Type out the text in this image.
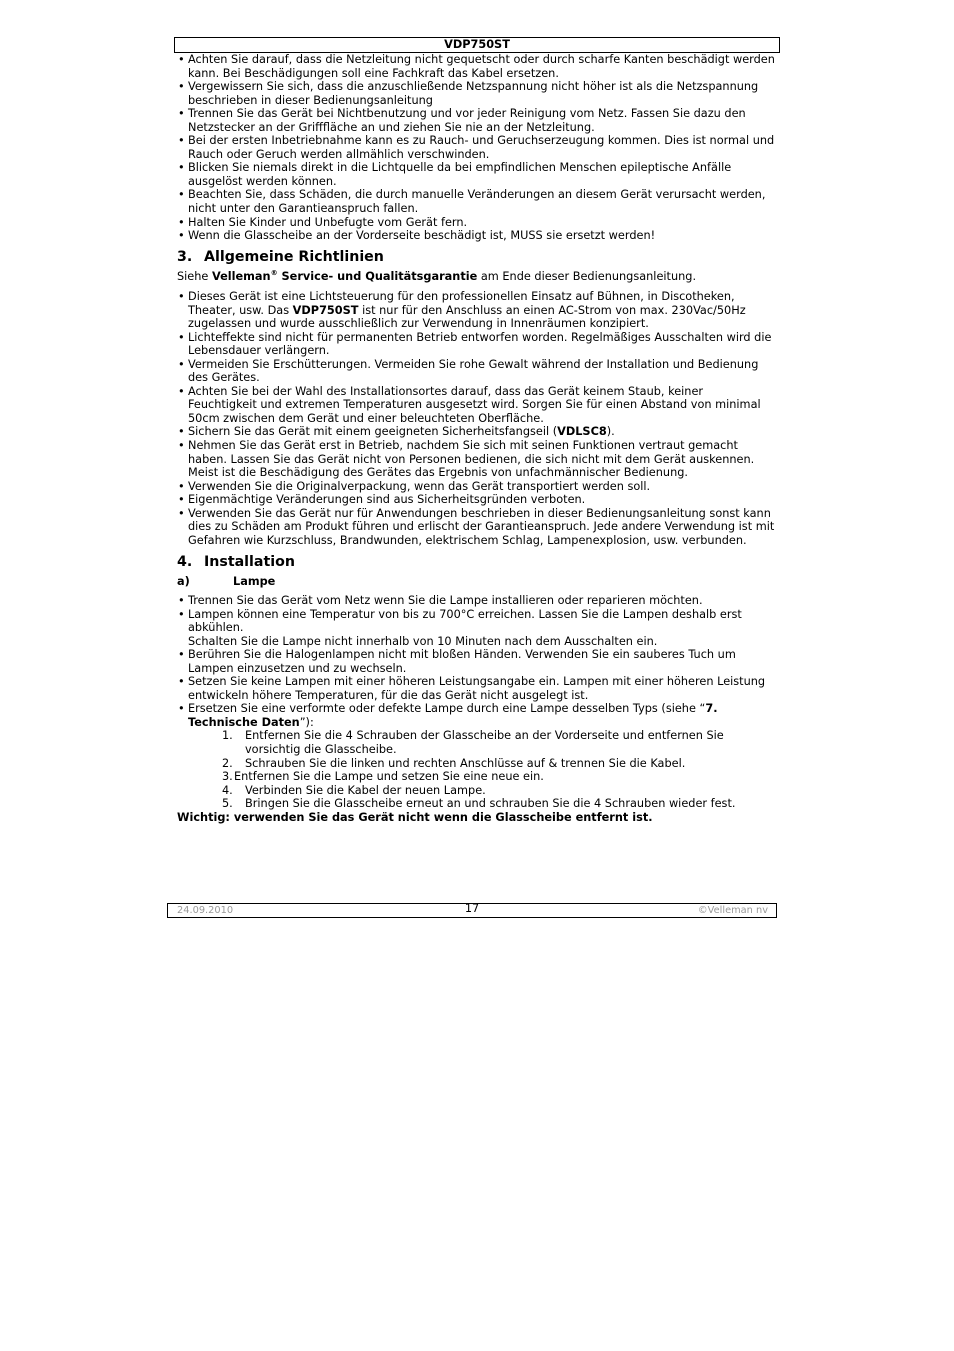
VDP750ST
•
Achten Sie darauf, dass die Netzleitung nicht gequetscht oder durch scharfe Kanten beschädigt werden
kann. Bei Beschädigungen soll eine Fachkraft das Kabel ersetzen.
•
Vergewissern Sie sich, dass die anzuschließende Netzspannung nicht höher ist als die Netzspannung
beschrieben in dieser Bedienungsanleitung
•
Trennen Sie das Gerät bei Nichtbenutzung und vor jeder Reinigung vom Netz. Fassen Sie dazu den
Netzstecker an der Grifffläche an und ziehen Sie nie an der Netzleitung.
•
Bei der ersten Inbetriebnahme kann es zu Rauch- und Geruchserzeugung kommen. Dies ist normal und
Rauch oder Geruch werden allmählich verschwinden.
•
Blicken Sie niemals direkt in die Lichtquelle da bei empfindlichen Menschen epileptische Anfälle
ausgelöst werden können.
•
Beachten Sie, dass Schäden, die durch manuelle Veränderungen an diesem Gerät verursacht werden,
nicht unter den Garantieanspruch fallen.
•
Halten Sie Kinder und Unbefugte vom Gerät fern.
•
Wenn die Glasscheibe an der Vorderseite beschädigt ist, MUSS sie ersetzt werden!
3. Allgemeine Richtlinien
Siehe Velleman® Service- und Qualitätsgarantie am Ende dieser Bedienungsanleitung.
•
Dieses Gerät ist eine Lichtsteuerung für den professionellen Einsatz auf Bühnen, in Discotheken,
Theater, usw. Das VDP750ST ist nur für den Anschluss an einen AC-Strom von max. 230Vac/50Hz
zugelassen und wurde ausschließlich zur Verwendung in Innenräumen konzipiert.
•
Lichteffekte sind nicht für permanenten Betrieb entworfen worden. Regelmäßiges Ausschalten wird die
Lebensdauer verlängern.
•
Vermeiden Sie Erschütterungen. Vermeiden Sie rohe Gewalt während der Installation und Bedienung
des Gerätes.
•
Achten Sie bei der Wahl des Installationsortes darauf, dass das Gerät keinem Staub, keiner
Feuchtigkeit und extremen Temperaturen ausgesetzt wird. Sorgen Sie für einen Abstand von minimal
50cm zwischen dem Gerät und einer beleuchteten Oberfläche.
•
Sichern Sie das Gerät mit einem geeigneten Sicherheitsfangseil (VDLSC8).
•
Nehmen Sie das Gerät erst in Betrieb, nachdem Sie sich mit seinen Funktionen vertraut gemacht
haben. Lassen Sie das Gerät nicht von Personen bedienen, die sich nicht mit dem Gerät auskennen.
Meist ist die Beschädigung des Gerätes das Ergebnis von unfachmännischer Bedienung.
•
Verwenden Sie die Originalverpackung, wenn das Gerät transportiert werden soll.
•
Eigenmächtige Veränderungen sind aus Sicherheitsgründen verboten.
•
Verwenden Sie das Gerät nur für Anwendungen beschrieben in dieser Bedienungsanleitung sonst kann
dies zu Schäden am Produkt führen und erlischt der Garantieanspruch. Jede andere Verwendung ist mit
Gefahren wie Kurzschluss, Brandwunden, elektrischem Schlag, Lampenexplosion, usw. verbunden.
4. Installation
a)	Lampe
•
Trennen Sie das Gerät vom Netz wenn Sie die Lampe installieren oder reparieren möchten.
•
Lampen können eine Temperatur von bis zu 700°C erreichen. Lassen Sie die Lampen deshalb erst
abkühlen.
Schalten Sie die Lampe nicht innerhalb von 10 Minuten nach dem Ausschalten ein.
•
Berühren Sie die Halogenlampen nicht mit bloßen Händen. Verwenden Sie ein sauberes Tuch um
Lampen einzusetzen und zu wechseln.
•
Setzen Sie keine Lampen mit einer höheren Leistungsangabe ein. Lampen mit einer höheren Leistung
entwickeln höhere Temperaturen, für die das Gerät nicht ausgelegt ist.
•
Ersetzen Sie eine verformte oder defekte Lampe durch eine Lampe desselben Typs (siehe “7.
Technische Daten”):
1. Entfernen Sie die 4 Schrauben der Glasscheibe an der Vorderseite und entfernen Sie
vorsichtig die Glasscheibe.
2. Schrauben Sie die linken und rechten Anschlüsse auf & trennen Sie die Kabel.
3. Entfernen Sie die Lampe und setzen Sie eine neue ein.
4. Verbinden Sie die Kabel der neuen Lampe.
5. Bringen Sie die Glasscheibe erneut an und schrauben Sie die 4 Schrauben wieder fest.
Wichtig: verwenden Sie das Gerät nicht wenn die Glasscheibe entfernt ist.
24.09.2010	17	©Velleman nv
